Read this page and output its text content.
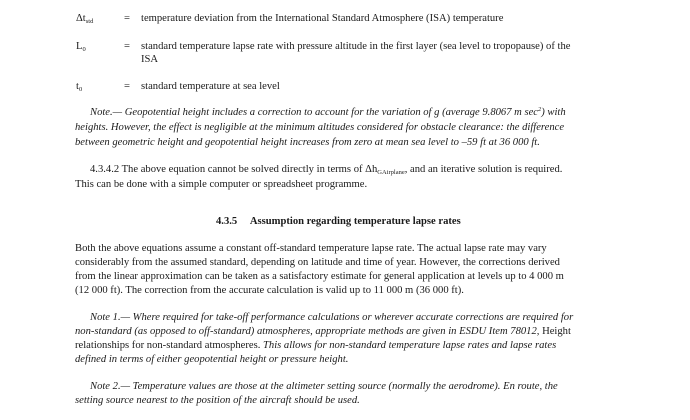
$\Delta t_{std}$	= temperature deviation from the International Standard Atmosphere (ISA) temperature
$L_0$	= standard temperature lapse rate with pressure altitude in the first layer (sea level to tropopause) of the
ISA
$t_0$	= standard temperature at sea level
Note.— Geopotential height includes a correction to account for the variation of g (average 9.8067 m $\sec^2$) with
heights. However, the effect is negligible at the minimum altitudes considered for obstacle clearance: the difference
between geometric height and geopotential height increases from zero at mean sea level to –59 ft at 36 000 ft.
4.3.4.2 The above equation cannot be solved directly in terms of $\Delta h_{GAirplane}$, and an iterative solution is required.
This can be done with a simple computer or spreadsheet programme.
4.3.5     Assumption regarding temperature lapse rates
Both the above equations assume a constant off-standard temperature lapse rate. The actual lapse rate may vary
considerably from the assumed standard, depending on latitude and time of year. However, the corrections derived
from the linear approximation can be taken as a satisfactory estimate for general application at levels up to 4 000 m
(12 000 ft). The correction from the accurate calculation is valid up to 11 000 m (36 000 ft).
Note 1.— Where required for take-off performance calculations or wherever accurate corrections are required for
non-standard (as opposed to off-standard) atmospheres, appropriate methods are given in ESDU Item 78012, Height
relationships for non-standard atmospheres. This allows for non-standard temperature lapse rates and lapse rates
defined in terms of either geopotential height or pressure height.
Note 2.— Temperature values are those at the altimeter setting source (normally the aerodrome). En route, the
setting source nearest to the position of the aircraft should be used.
